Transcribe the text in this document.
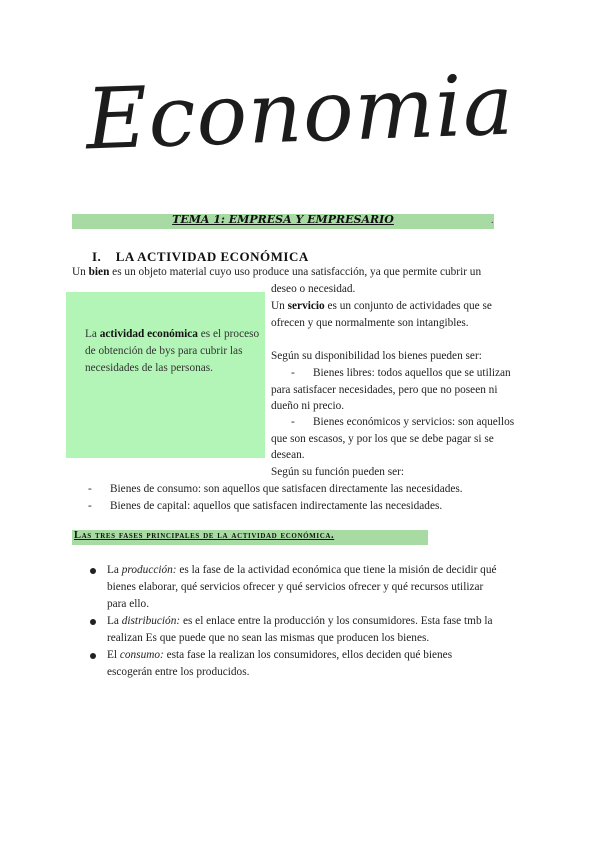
Economia
TEMA 1: EMPRESA Y EMPRESARIO	.
I. LA ACTIVIDAD ECONÓMICA
Un bien es un objeto material cuyo uso produce una satisfacción, ya que permite cubrir un
deseo o necesidad.
La actividad económica es el proceso de obtención de bys para cubrir las necesidades de las personas.
Un servicio es un conjunto de actividades que se
ofrecen y que normalmente son intangibles.
Según su disponibilidad los bienes pueden ser:
- Bienes libres: todos aquellos que se utilizan
para satisfacer necesidades, pero que no poseen ni
dueño ni precio.
- Bienes económicos y servicios: son aquellos
que son escasos, y por los que se debe pagar si se
desean.
Según su función pueden ser:
- Bienes de consumo: son aquellos que satisfacen directamente las necesidades.
- Bienes de capital: aquellos que satisfacen indirectamente las necesidades.
Las tres fases principales de la actividad económica.
La producción: es la fase de la actividad económica que tiene la misión de decidir qué
bienes elaborar, qué servicios ofrecer y qué servicios ofrecer y qué recursos utilizar
para ello.
La distribución: es el enlace entre la producción y los consumidores. Esta fase tmb la
realizan Es que puede que no sean las mismas que producen los bienes.
El consumo: esta fase la realizan los consumidores, ellos deciden qué bienes
escogerán entre los producidos.
